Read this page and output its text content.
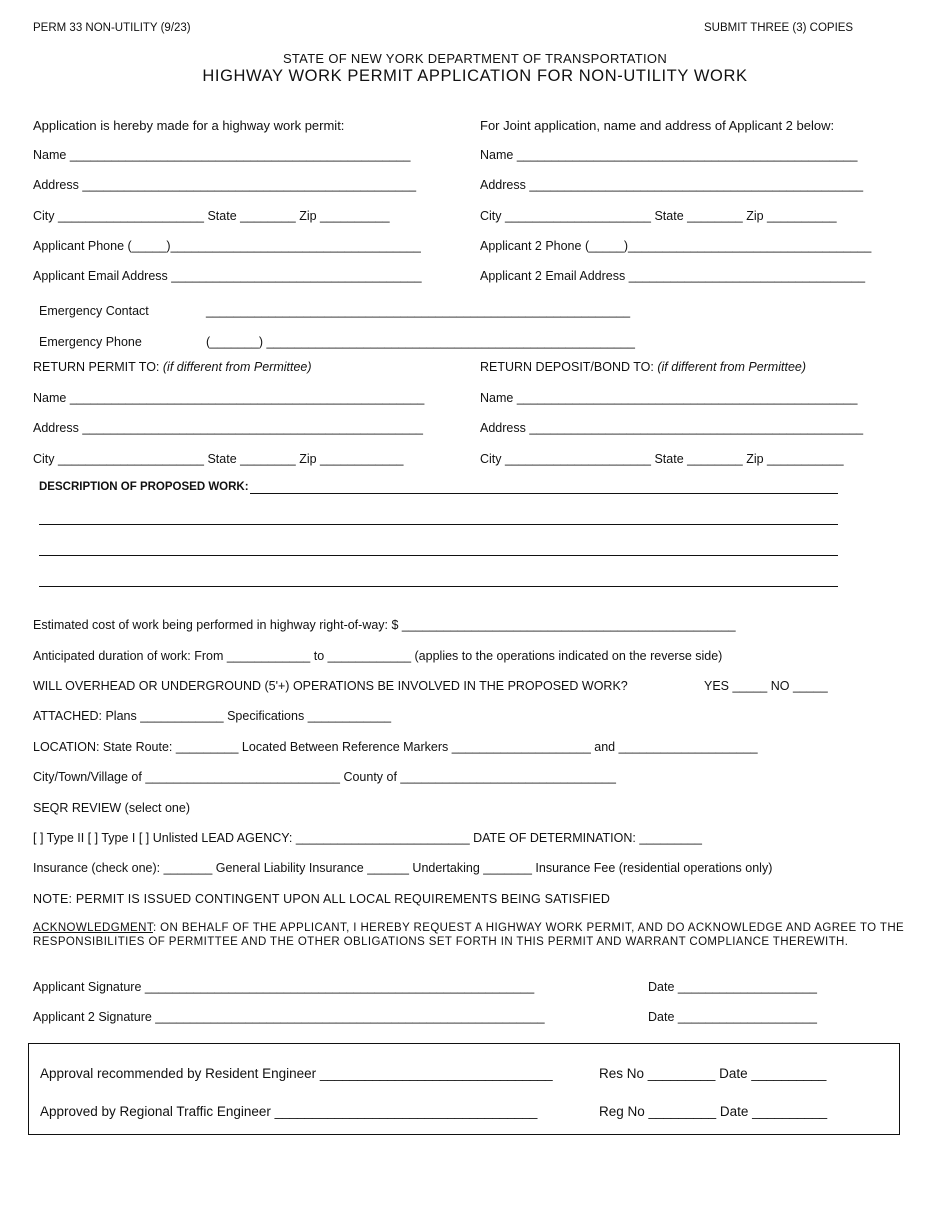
PERM 33 NON-UTILITY (9/23)	SUBMIT THREE (3) COPIES
STATE OF NEW YORK DEPARTMENT OF TRANSPORTATION
HIGHWAY WORK PERMIT APPLICATION FOR NON-UTILITY WORK
Application is hereby made for a highway work permit:
Name _________________________________________________
Address ________________________________________________
City _____________________ State ________ Zip __________
Applicant Phone (_____)____________________________________
Applicant Email Address ____________________________________
For Joint application, name and address of Applicant 2 below:
Name _________________________________________________
Address ________________________________________________
City _____________________ State ________ Zip __________
Applicant 2 Phone (_____)___________________________________
Applicant 2 Email Address __________________________________
Emergency Contact	_____________________________________________________________
Emergency Phone	(_______) _____________________________________________________
RETURN PERMIT TO: (if different from Permittee)
Name ___________________________________________________
Address _________________________________________________
City _____________________ State ________ Zip ____________
RETURN DEPOSIT/BOND TO: (if different from Permittee)
Name _________________________________________________
Address ________________________________________________
City _____________________ State ________ Zip ___________
DESCRIPTION OF PROPOSED WORK:
Estimated cost of work being performed in highway right-of-way: $ ________________________________________________
Anticipated duration of work: From ____________ to ____________ (applies to the operations indicated on the reverse side)
WILL OVERHEAD OR UNDERGROUND (5'+) OPERATIONS BE INVOLVED IN THE PROPOSED WORK?	YES _____ NO _____
ATTACHED: Plans ____________ Specifications ____________
LOCATION: State Route: _________ Located Between Reference Markers ____________________ and ____________________
City/Town/Village of ____________________________ County of _______________________________
SEQR REVIEW (select one)
[ ] Type II [ ] Type I [ ] Unlisted LEAD AGENCY: _________________________ DATE OF DETERMINATION: _________
Insurance (check one): _______ General Liability Insurance ______ Undertaking _______ Insurance Fee (residential operations only)
NOTE: PERMIT IS ISSUED CONTINGENT UPON ALL LOCAL REQUIREMENTS BEING SATISFIED
ACKNOWLEDGMENT: ON BEHALF OF THE APPLICANT, I HEREBY REQUEST A HIGHWAY WORK PERMIT, AND DO ACKNOWLEDGE AND AGREE TO THE RESPONSIBILITIES OF PERMITTEE AND THE OTHER OBLIGATIONS SET FORTH IN THIS PERMIT AND WARRANT COMPLIANCE THEREWITH.
Applicant Signature ________________________________________________________	Date ____________________
Applicant 2 Signature ________________________________________________________	Date ____________________
Approval recommended by Resident Engineer _______________________________	Res No _________ Date __________
Approved by Regional Traffic Engineer ___________________________________	Reg No _________ Date __________
